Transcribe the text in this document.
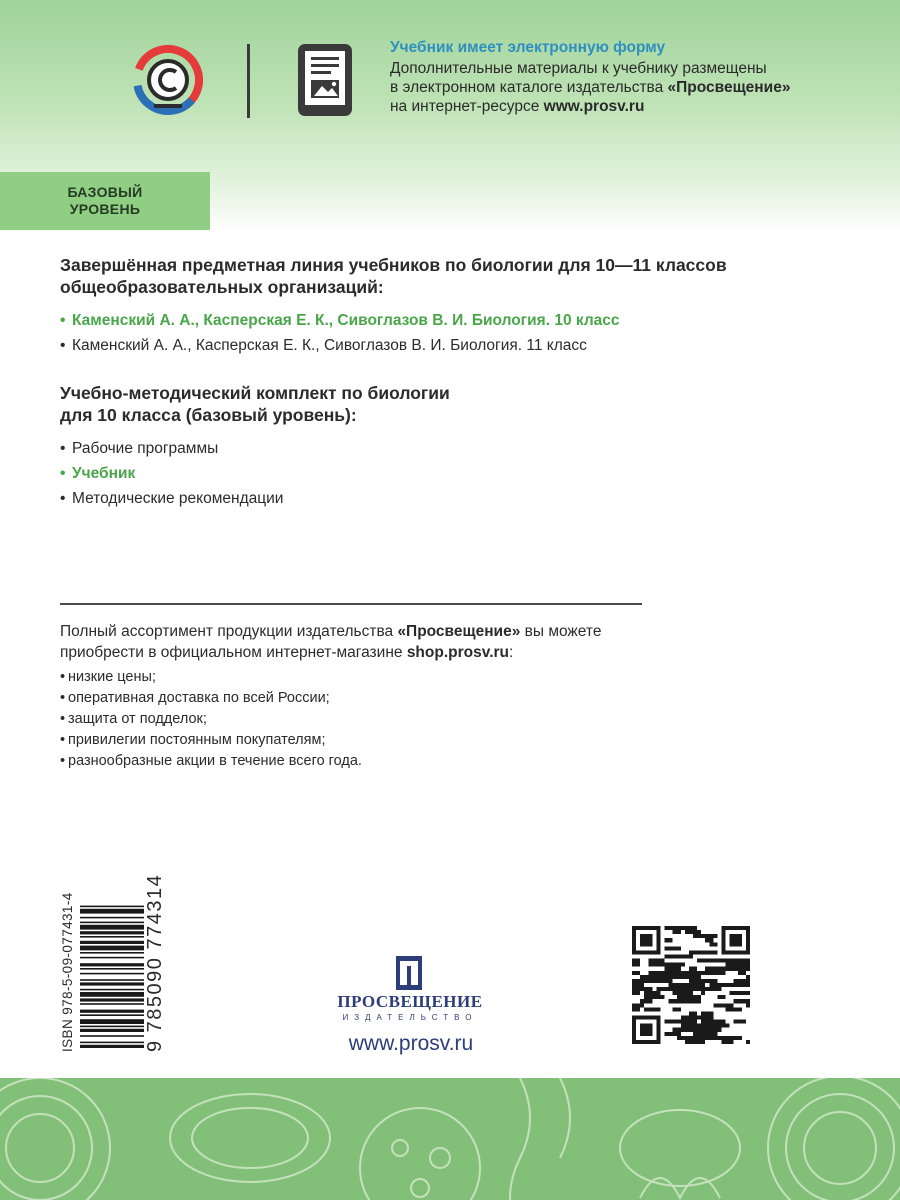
Учебник имеет электронную форму
Дополнительные материалы к учебнику размещены
в электронном каталоге издательства «Просвещение»
на интернет-ресурсе www.prosv.ru
БАЗОВЫЙ
УРОВЕНЬ
Завершённая предметная линия учебников по биологии для 10—11 классов
общеобразовательных организаций:
• Каменский А. А., Касперская Е. К., Сивоглазов В. И. Биология. 10 класс
• Каменский А. А., Касперская Е. К., Сивоглазов В. И. Биология. 11 класс
Учебно-методический комплект по биологии
для 10 класса (базовый уровень):
• Рабочие программы
• Учебник
• Методические рекомендации
Полный ассортимент продукции издательства «Просвещение» вы можете
приобрести в официальном интернет-магазине shop.prosv.ru:
• низкие цены;
• оперативная доставка по всей России;
• защита от подделок;
• привилегии постоянным покупателям;
• разнообразные акции в течение всего года.
ISBN 978-5-09-077431-4	9 785090 774314	ПРОСВЕЩЕНИЕ
ИЗДАТЕЛЬСТВО
www.prosv.ru
